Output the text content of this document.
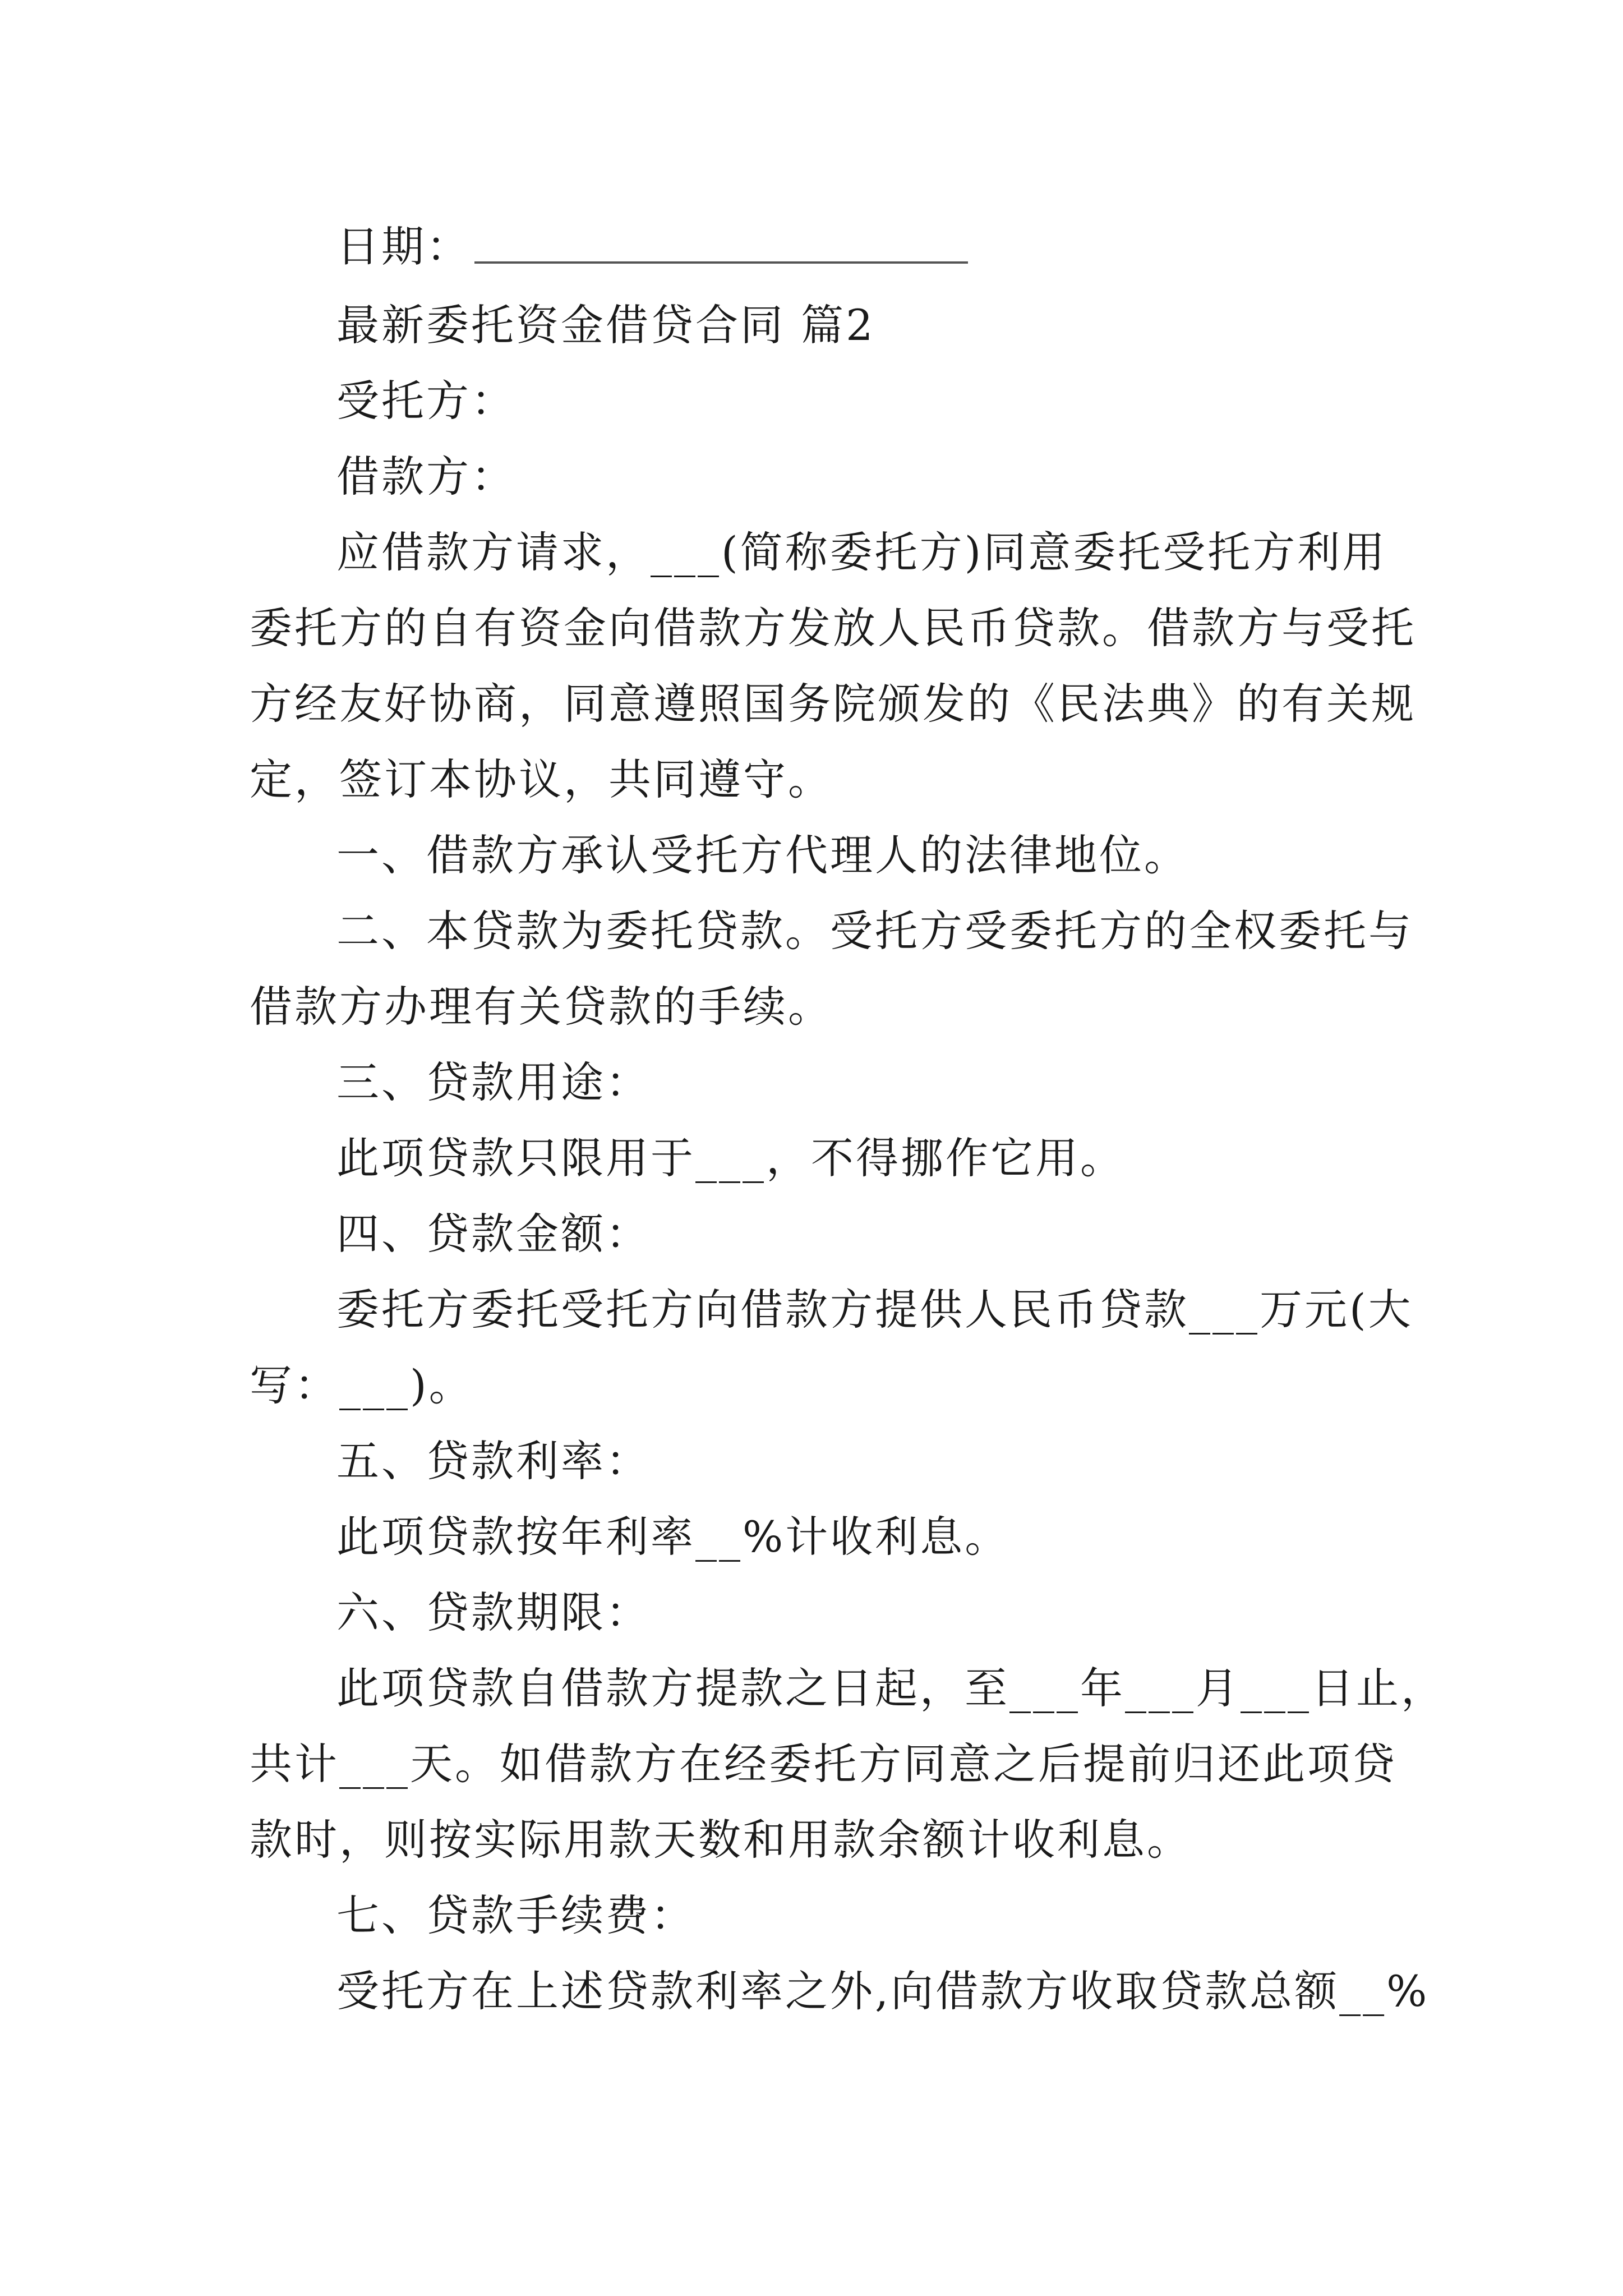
日期：
最新委托资金借贷合同 篇2
受托方：
借款方：
应借款方请求，___(简称委托方)同意委托受托方利用
委托方的自有资金向借款方发放人民币贷款。借款方与受托
方经友好协商，同意遵照国务院颁发的《民法典》的有关规
定，签订本协议，共同遵守。
一、借款方承认受托方代理人的法律地位。
二、本贷款为委托贷款。受托方受委托方的全权委托与
借款方办理有关贷款的手续。
三、贷款用途：
此项贷款只限用于___，不得挪作它用。
四、贷款金额：
委托方委托受托方向借款方提供人民币贷款___万元(大
写：___)。
五、贷款利率：
此项贷款按年利率__%计收利息。
六、贷款期限：
此项贷款自借款方提款之日起，至___年___月___日止，
共计___天。如借款方在经委托方同意之后提前归还此项贷
款时，则按实际用款天数和用款余额计收利息。
七、贷款手续费：
受托方在上述贷款利率之外,向借款方收取贷款总额__%
